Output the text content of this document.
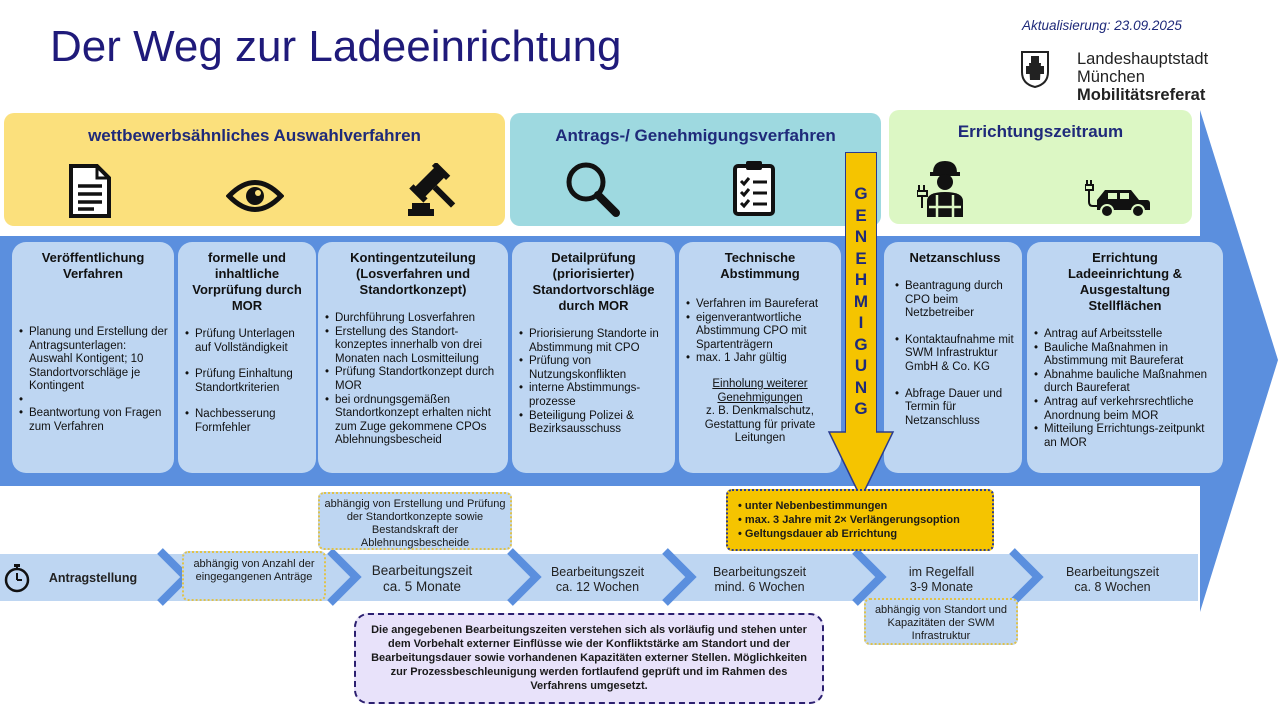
Der Weg zur Ladeeinrichtung	Aktualisierung: 23.09.2025
Landeshauptstadt
München
Mobilitätsreferat
wettbewerbsähnliches Auswahlverfahren	Antrags-/ Genehmigungsverfahren	Errichtungszeitraum
Veröffentlichung Verfahren
• Planung und Erstellung der Antragsunterlagen: Auswahl Kontigent; 10 Standortvorschläge je Kontingent
•
• Beantwortung von Fragen zum Verfahren
formelle und inhaltliche Vorprüfung durch MOR
• Prüfung Unterlagen auf Vollständigkeit
• Prüfung Einhaltung Standortkriterien
• Nachbesserung Formfehler
Kontingentzuteilung (Losverfahren und Standortkonzept)
• Durchführung Losverfahren
• Erstellung des Standort-konzeptes innerhalb von drei Monaten nach Losmitteilung
• Prüfung Standortkonzept durch MOR
• bei ordnungsgemäßen Standortkonzept erhalten nicht zum Zuge gekommene CPOs Ablehnungsbescheid
Detailprüfung (priorisierter) Standortvorschläge durch MOR
• Priorisierung Standorte in Abstimmung mit CPO
• Prüfung von Nutzungskonflikten
• interne Abstimmungs-prozesse
• Beteiligung Polizei & Bezirksausschuss
Technische Abstimmung
• Verfahren im Baureferat
• eigenverantwortliche Abstimmung CPO mit Spartenträgern
• max. 1 Jahr gültig
Einholung weiterer Genehmigungen
z. B. Denkmalschutz, Gestattung für private Leitungen
Netzanschluss
• Beantragung durch CPO beim Netzbetreiber
• Kontaktaufnahme mit SWM Infrastruktur GmbH & Co. KG
• Abfrage Dauer und Termin für Netzanschluss
Errichtung Ladeeinrichtung & Ausgestaltung Stellflächen
• Antrag auf Arbeitsstelle
• Bauliche Maßnahmen in Abstimmung mit Baureferat
• Abnahme bauliche Maßnahmen durch Baureferat
• Antrag auf verkehrsrechtliche Anordnung beim MOR
• Mitteilung Errichtungs-zeitpunkt an MOR
G
E
N
E
H
M
I
G
U
N
G
Antragstellung
abhängig von Anzahl der eingegangenen Anträge	Bearbeitungszeit
ca. 5 Monate
Bearbeitungszeit
ca. 12 Wochen
Bearbeitungszeit
mind. 6 Wochen
im Regelfall
3-9 Monate
Bearbeitungszeit
ca. 8 Wochen
abhängig von Erstellung und Prüfung der Standortkonzepte sowie Bestandskraft der Ablehnungsbescheide
abhängig von Standort und Kapazitäten der SWM Infrastruktur
• unter Nebenbestimmungen
• max. 3 Jahre mit 2× Verlängerungsoption
• Geltungsdauer ab Errichtung
Die angegebenen Bearbeitungszeiten verstehen sich als vorläufig und stehen unter dem Vorbehalt externer Einflüsse wie der Konfliktstärke am Standort und der Bearbeitungsdauer sowie vorhandenen Kapazitäten externer Stellen. Möglichkeiten zur Prozessbeschleunigung werden fortlaufend geprüft und im Rahmen des Verfahrens umgesetzt.
